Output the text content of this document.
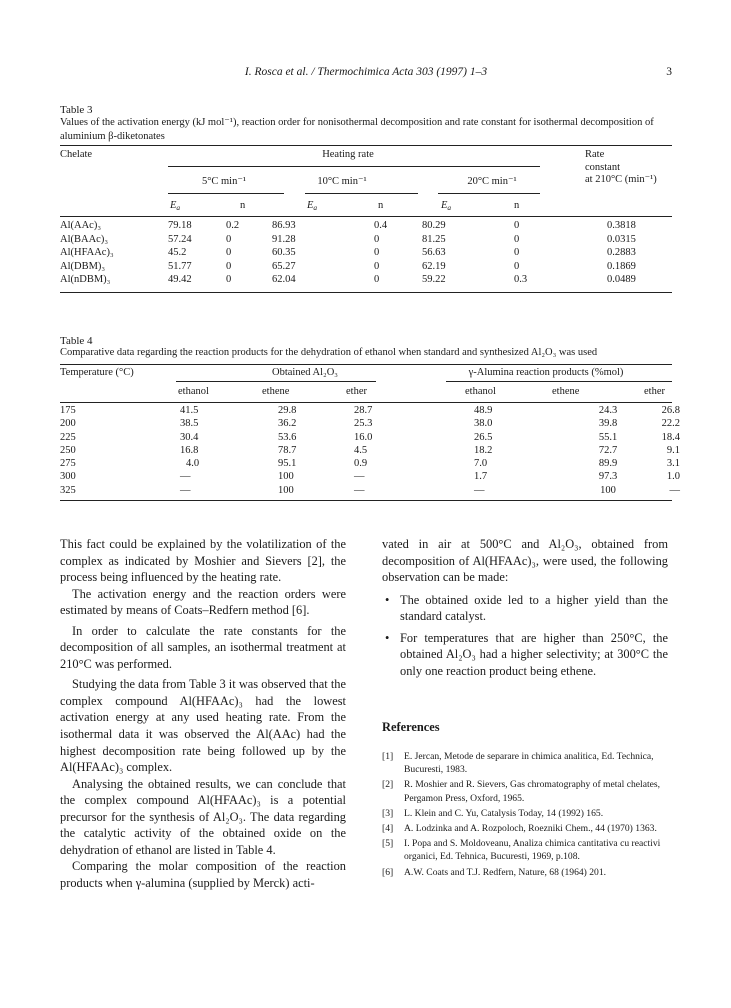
I. Rosca et al. / Thermochimica Acta 303 (1997) 1–3	3
Table 3
Values of the activation energy (kJ mol⁻¹), reaction order for nonisothermal decomposition and rate constant for isothermal decomposition of aluminium β-diketonates
Chelate	Heating rate	Rate
constant
at 210°C (min⁻¹)
5°C min⁻¹	10°C min⁻¹	20°C min⁻¹
$E_a$	n	$E_a$	n	$E_a$	n
Al(AAc)₃	79.18	0.2	86.93	0.4	80.29	0	0.3818
Al(BAAc)₃	57.24	0	91.28	0	81.25	0	0.0315
Al(HFAAc)₃	45.2	0	60.35	0	56.63	0	0.2883
Al(DBM)₃	51.77	0	65.27	0	62.19	0	0.1869
Al(nDBM)₃	49.42	0	62.04	0	59.22	0.3	0.0489
Table 4
Comparative data regarding the reaction products for the dehydration of ethanol when standard and synthesized Al₂O₃ was used
Temperature (°C)	Obtained Al₂O₃	γ-Alumina reaction products (%mol)
ethanol	ethene	ether	ethanol	ethene	ether
175	41.5	29.8	28.7	48.9	24.3	26.8
200	38.5	36.2	25.3	38.0	39.8	22.2
225	30.4	53.6	16.0	26.5	55.1	18.4
250	16.8	78.7	4.5	18.2	72.7	9.1
275	4.0	95.1	0.9	7.0	89.9	3.1
300	—	100	—	1.7	97.3	1.0
325	—	100	—	—	100	—

This fact could be explained by the volatilization of the complex as indicated by Moshier and Sievers [2], the process being influenced by the heating rate.

The activation energy and the reaction orders were estimated by means of Coats–Redfern method [6].

In order to calculate the rate constants for the decomposition of all samples, an isothermal treatment at 210°C was performed.

Studying the data from Table 3 it was observed that the complex compound Al(HFAAc)₃ had the lowest activation energy at any used heating rate. From the isothermal data it was observed the Al(AAc) had the highest decomposition rate being followed up by the Al(HFAAc)₃ complex.

Analysing the obtained results, we can conclude that the complex compound Al(HFAAc)₃ is a potential precursor for the synthesis of Al₂O₃. The data regarding the catalytic activity of the obtained oxide on the dehydration of ethanol are listed in Table 4.

Comparing the molar composition of the reaction products when γ-alumina (supplied by Merck) acti-

vated in air at 500°C and Al₂O₃, obtained from decomposition of Al(HFAAc)₃, were used, the following observation can be made:

• The obtained oxide led to a higher yield than the standard catalyst.
• For temperatures that are higher than 250°C, the obtained Al₂O₃ had a higher selectivity; at 300°C the only one reaction product being ethene.
References
[1] E. Jercan, Metode de separare in chimica analitica, Ed. Technica, Bucuresti, 1983.
[2] R. Moshier and R. Sievers, Gas chromatography of metal chelates, Pergamon Press, Oxford, 1965.
[3] L. Klein and C. Yu, Catalysis Today, 14 (1992) 165.
[4] A. Lodzinka and A. Rozpoloch, Roezniki Chem., 44 (1970) 1363.
[5] I. Popa and S. Moldoveanu, Analiza chimica cantitativa cu reactivi organici, Ed. Tehnica, Bucuresti, 1969, p.108.
[6] A.W. Coats and T.J. Redfern, Nature, 68 (1964) 201.
